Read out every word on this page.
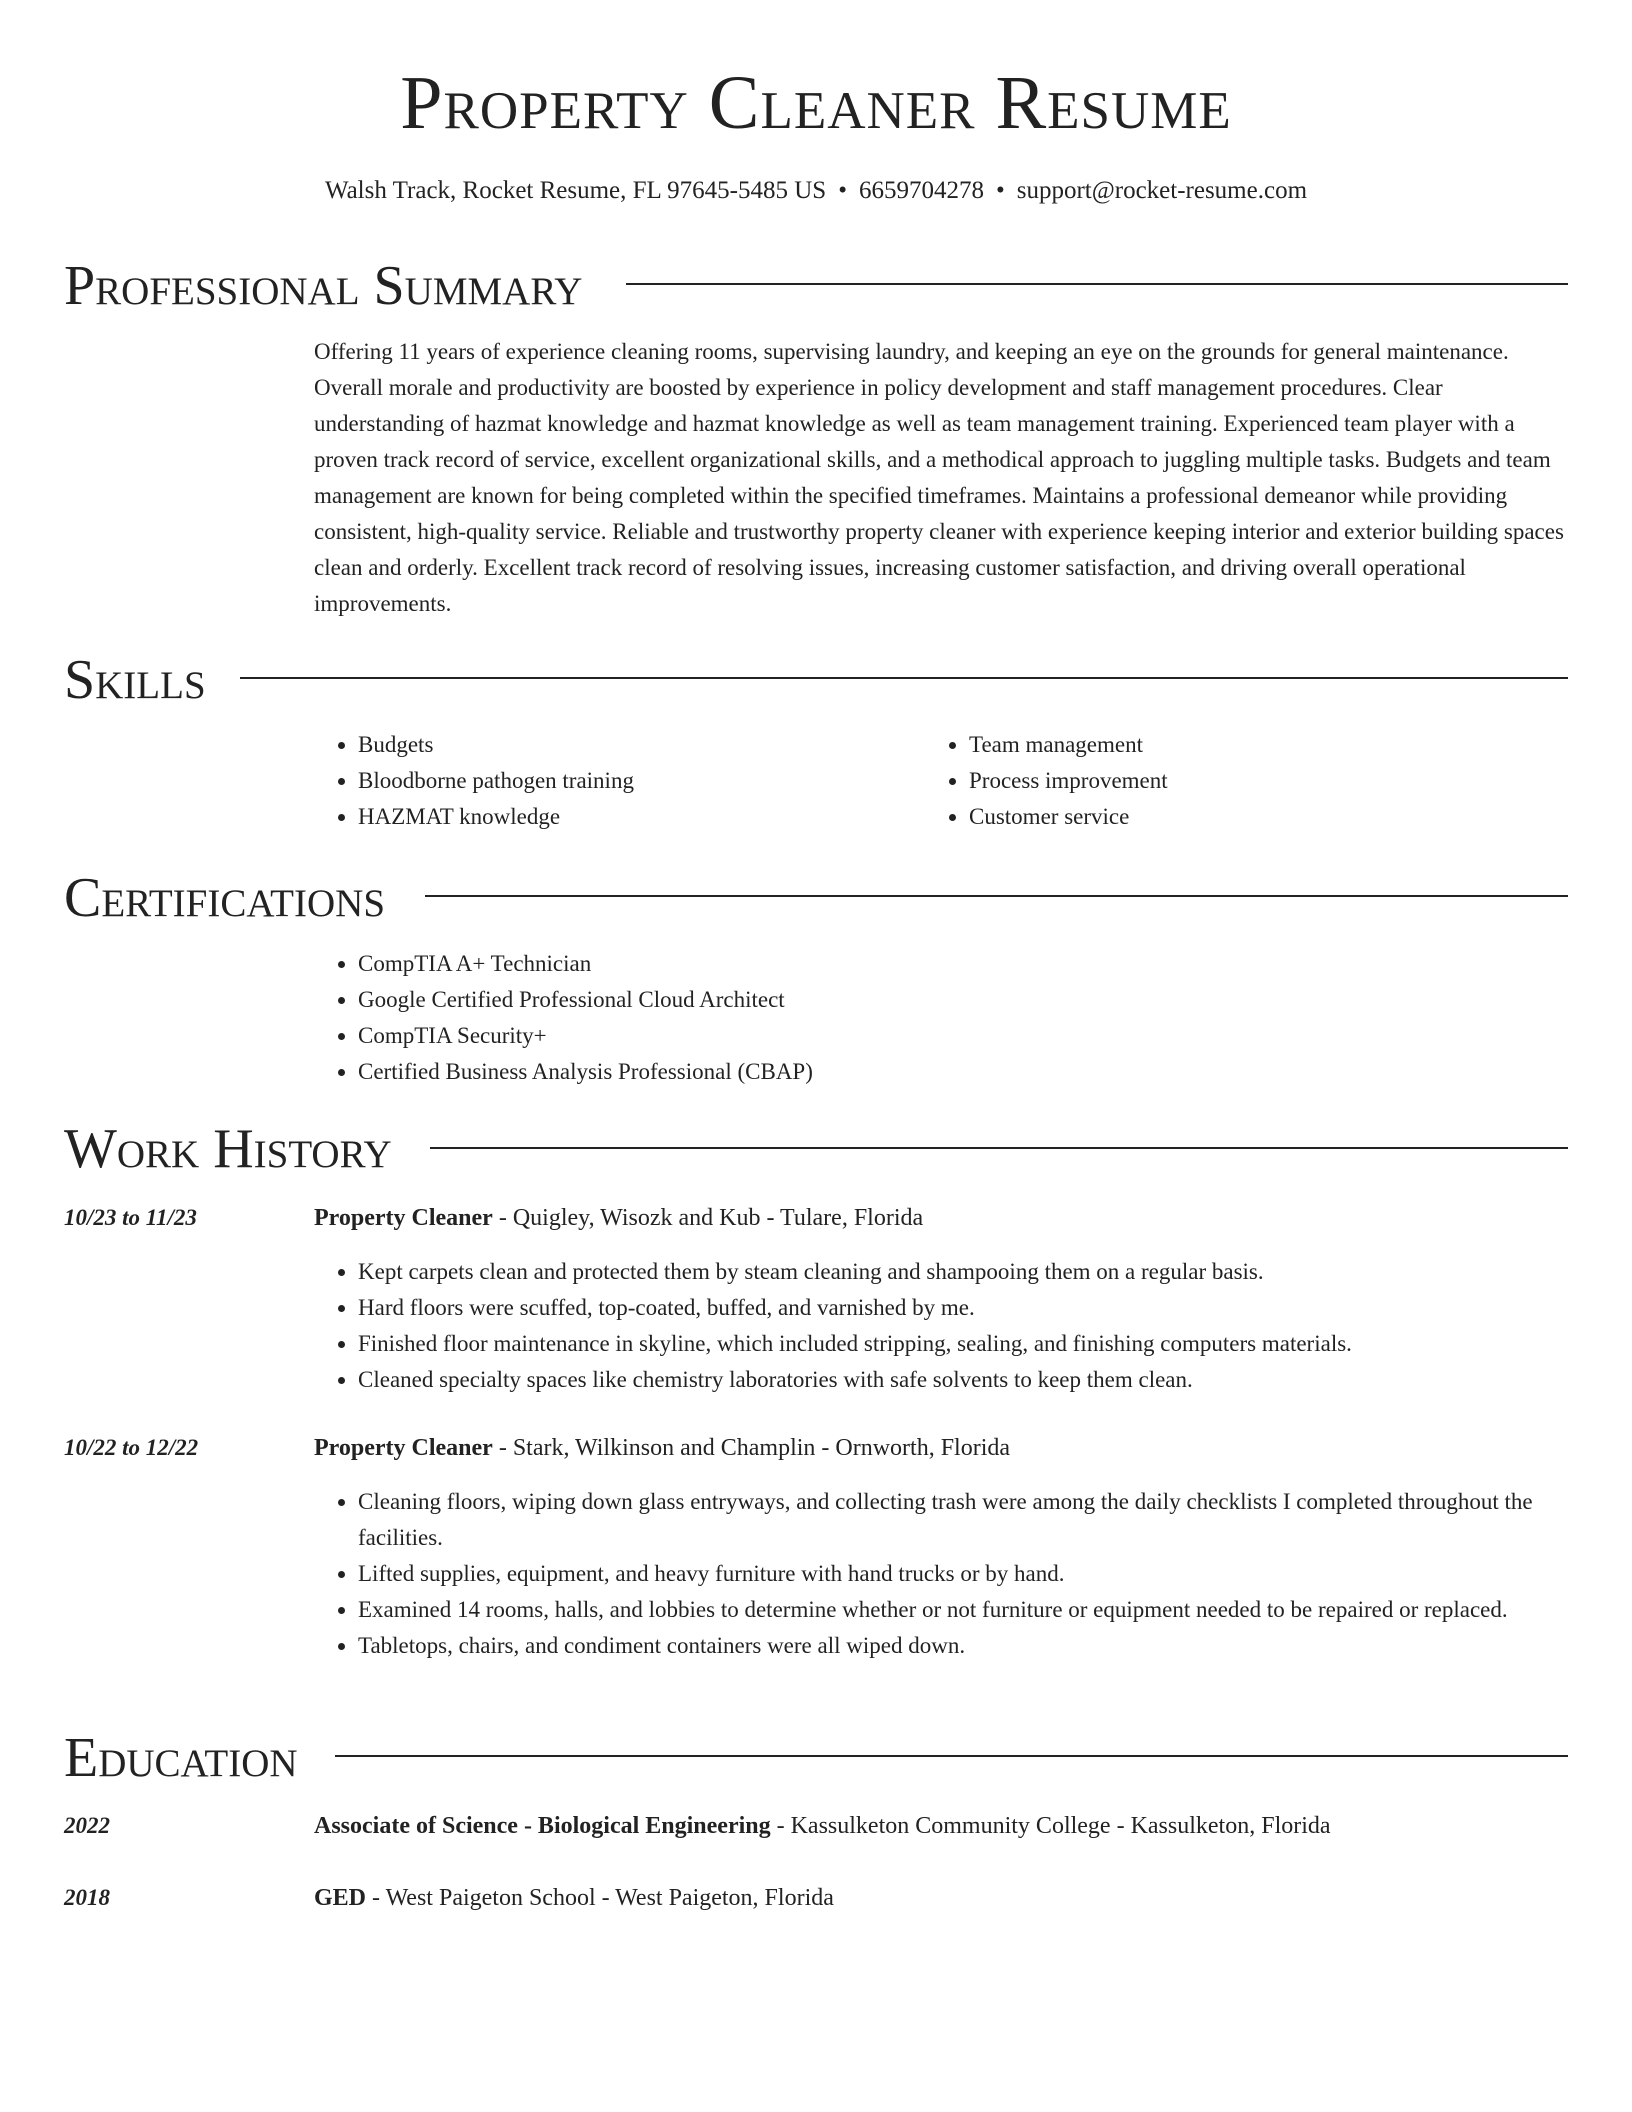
Property Cleaner Resume
Walsh Track, Rocket Resume, FL 97645-5485 US • 6659704278 • support@rocket-resume.com
Professional Summary

Offering 11 years of experience cleaning rooms, supervising laundry, and keeping an eye on the grounds for general maintenance. Overall morale and productivity are boosted by experience in policy development and staff management procedures. Clear understanding of hazmat knowledge and hazmat knowledge as well as team management training. Experienced team player with a proven track record of service, excellent organizational skills, and a methodical approach to juggling multiple tasks. Budgets and team management are known for being completed within the specified timeframes. Maintains a professional demeanor while providing consistent, high-quality service. Reliable and trustworthy property cleaner with experience keeping interior and exterior building spaces clean and orderly. Excellent track record of resolving issues, increasing customer satisfaction, and driving overall operational improvements.

Skills
• Budgets
• Bloodborne pathogen training
• HAZMAT knowledge
• Team management
• Process improvement
• Customer service
Certifications
• CompTIA A+ Technician
• Google Certified Professional Cloud Architect
• CompTIA Security+
• Certified Business Analysis Professional (CBAP)
Work History
10/23 to 11/23	Property Cleaner - Quigley, Wisozk and Kub - Tulare, Florida

• Kept carpets clean and protected them by steam cleaning and shampooing them on a regular basis.
• Hard floors were scuffed, top-coated, buffed, and varnished by me.
• Finished floor maintenance in skyline, which included stripping, sealing, and finishing computers materials.
• Cleaned specialty spaces like chemistry laboratories with safe solvents to keep them clean.
10/22 to 12/22	Property Cleaner - Stark, Wilkinson and Champlin - Ornworth, Florida

• Cleaning floors, wiping down glass entryways, and collecting trash were among the daily checklists I completed throughout the facilities.
• Lifted supplies, equipment, and heavy furniture with hand trucks or by hand.
• Examined 14 rooms, halls, and lobbies to determine whether or not furniture or equipment needed to be repaired or replaced.
• Tabletops, chairs, and condiment containers were all wiped down.
Education
2022	Associate of Science - Biological Engineering - Kassulketon Community College - Kassulketon, Florida

2018	GED - West Paigeton School - West Paigeton, Florida
